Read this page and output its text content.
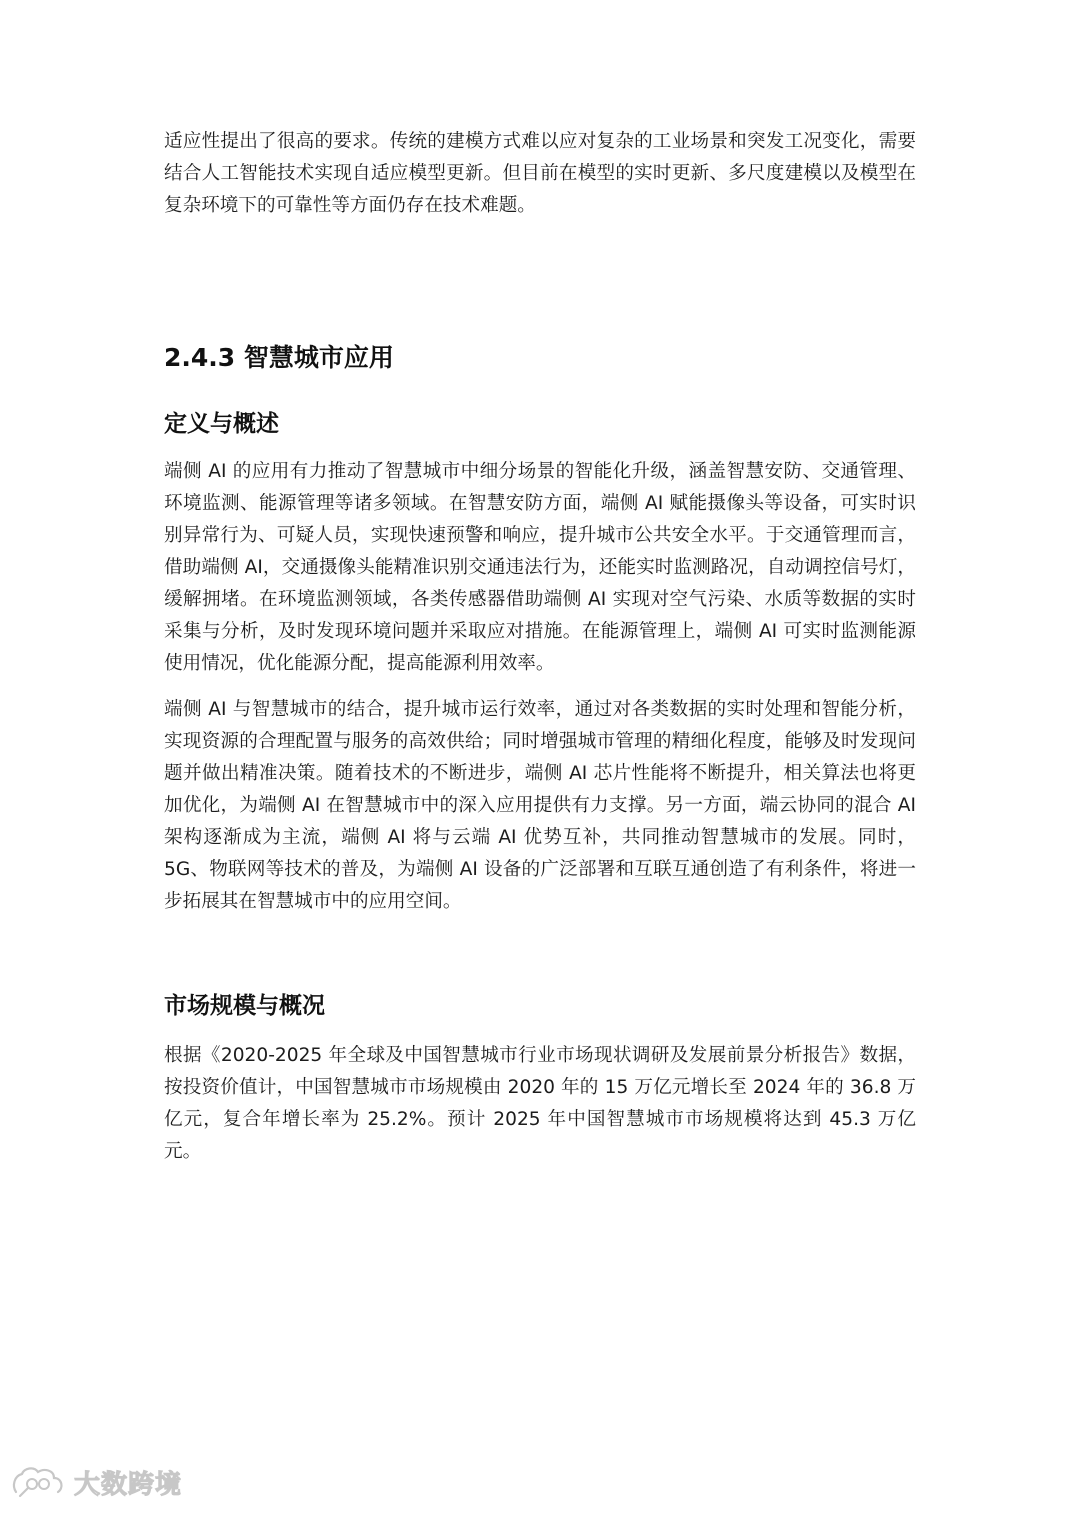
适应性提出了很高的要求。传统的建模方式难以应对复杂的工业场景和突发工况变化，需要结合人工智能技术实现自适应模型更新。但目前在模型的实时更新、多尺度建模以及模型在复杂环境下的可靠性等方面仍存在技术难题。

2.4.3 智慧城市应用
定义与概述

端侧 AI 的应用有力推动了智慧城市中细分场景的智能化升级，涵盖智慧安防、交通管理、环境监测、能源管理等诸多领域。在智慧安防方面，端侧 AI 赋能摄像头等设备，可实时识别异常行为、可疑人员，实现快速预警和响应，提升城市公共安全水平。于交通管理而言，借助端侧 AI，交通摄像头能精准识别交通违法行为，还能实时监测路况，自动调控信号灯，缓解拥堵。在环境监测领域，各类传感器借助端侧 AI 实现对空气污染、水质等数据的实时采集与分析，及时发现环境问题并采取应对措施。在能源管理上，端侧 AI 可实时监测能源使用情况，优化能源分配，提高能源利用效率。

端侧 AI 与智慧城市的结合，提升城市运行效率，通过对各类数据的实时处理和智能分析，实现资源的合理配置与服务的高效供给；同时增强城市管理的精细化程度，能够及时发现问题并做出精准决策。随着技术的不断进步，端侧 AI 芯片性能将不断提升，相关算法也将更加优化，为端侧 AI 在智慧城市中的深入应用提供有力支撑。另一方面，端云协同的混合 AI 架构逐渐成为主流，端侧 AI 将与云端 AI 优势互补，共同推动智慧城市的发展。同时，5G、物联网等技术的普及，为端侧 AI 设备的广泛部署和互联互通创造了有利条件，将进一步拓展其在智慧城市中的应用空间。

市场规模与概况

根据《2020-2025 年全球及中国智慧城市行业市场现状调研及发展前景分析报告》数据，按投资价值计，中国智慧城市市场规模由 2020 年的 15 万亿元增长至 2024 年的 36.8 万亿元，复合年增长率为 25.2%。预计 2025 年中国智慧城市市场规模将达到 45.3 万亿元。

大数跨境
